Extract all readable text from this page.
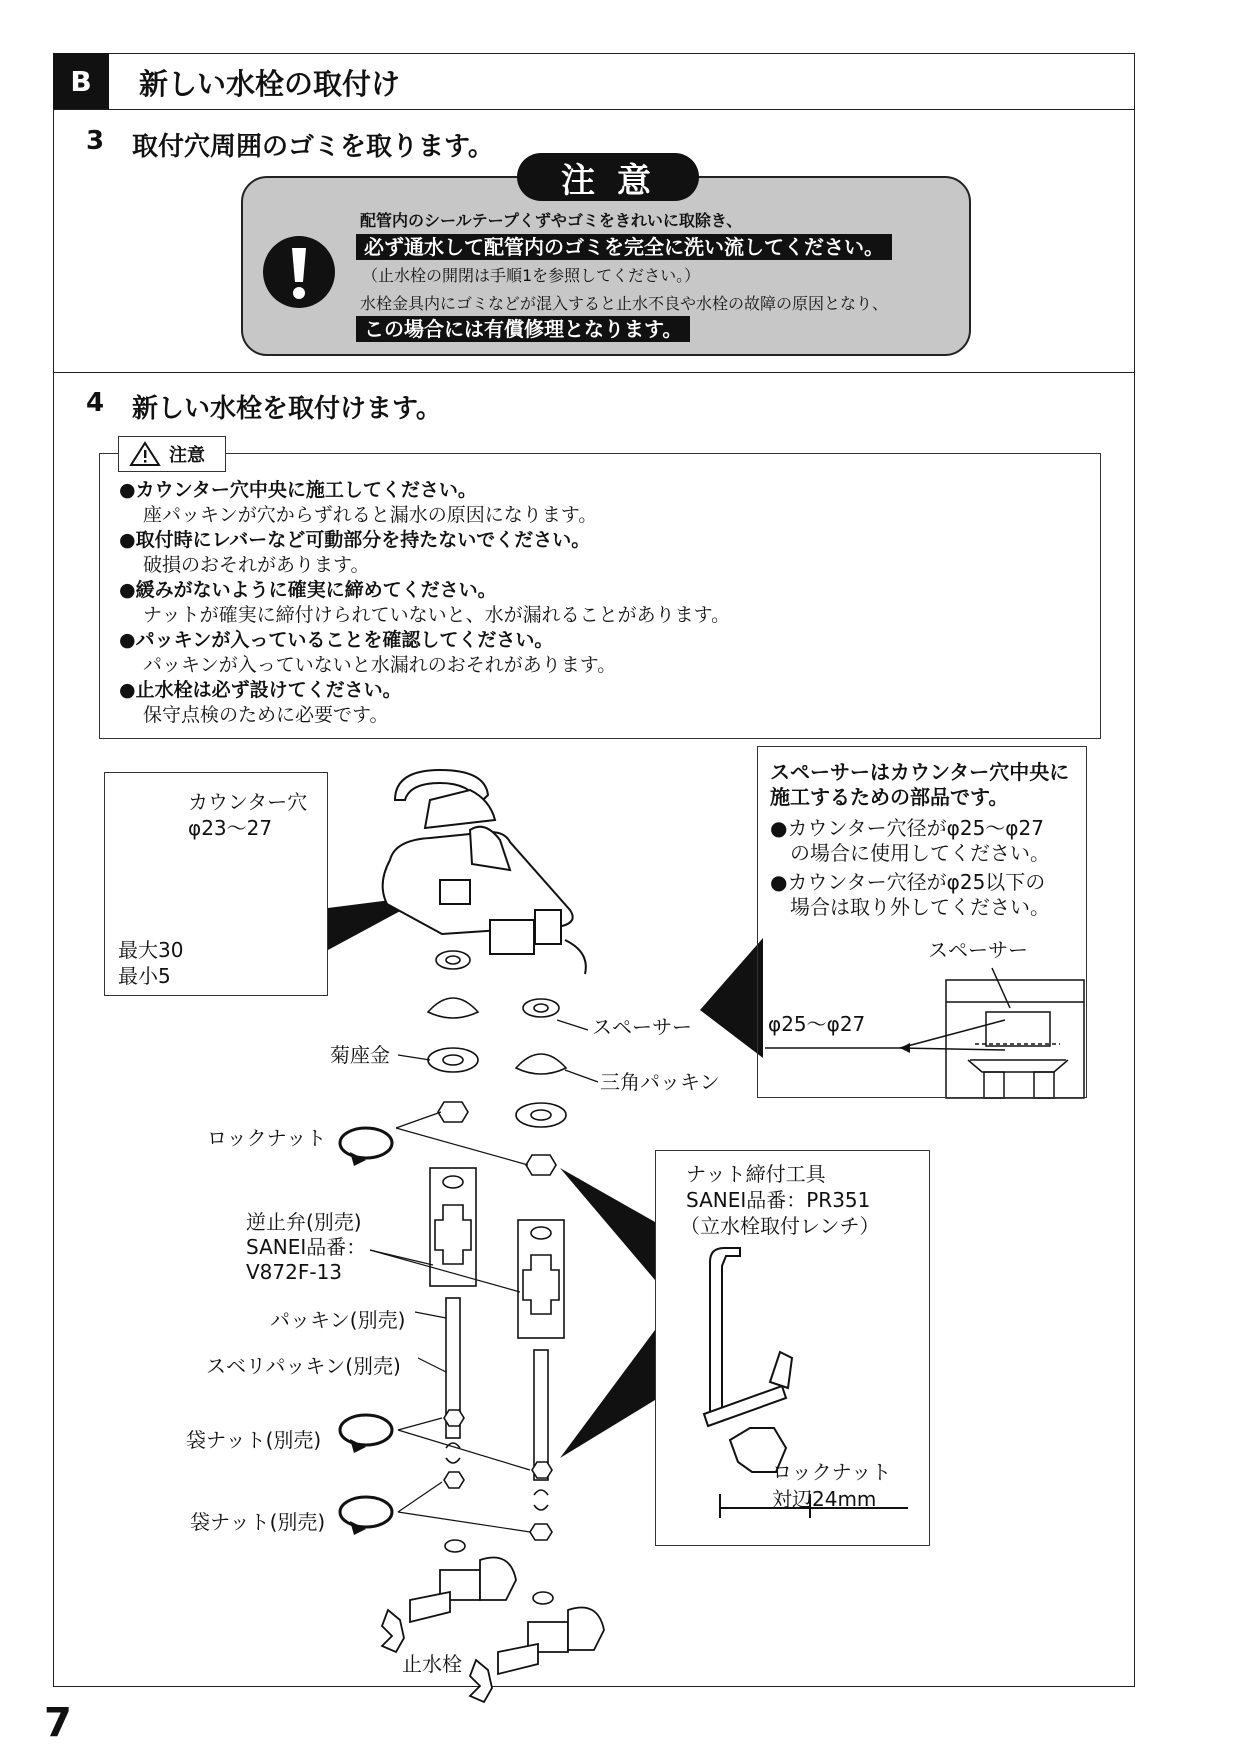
B	新しい水栓の取付け
3 取付穴周囲のゴミを取ります。
注意
配管内のシールテープくずやゴミをきれいに取除き、
必ず通水して配管内のゴミを完全に洗い流してください。
（止水栓の開閉は手順1を参照してください。）
水栓金具内にゴミなどが混入すると止水不良や水栓の故障の原因となり、
この場合には有償修理となります。
4 新しい水栓を取付けます。
注意
●カウンター穴中央に施工してください。
座パッキンが穴からずれると漏水の原因になります。
●取付時にレバーなど可動部分を持たないでください。
破損のおそれがあります。
●緩みがないように確実に締めてください。
ナットが確実に締付けられていないと、水が漏れることがあります。
●パッキンが入っていることを確認してください。
パッキンが入っていないと水漏れのおそれがあります。
●止水栓は必ず設けてください。
保守点検のために必要です。
カウンター穴
φ23～27
最大30
最小5
スペーサーはカウンター穴中央に
施工するための部品です。
●カウンター穴径がφ25～φ27
の場合に使用してください。
●カウンター穴径がφ25以下の
場合は取り外してください。
スペーサー
φ25～φ27
スペーサー
菊座金
三角パッキン
ロックナット
逆止弁(別売)
SANEI品番：
V872F-13
パッキン(別売)
スベリパッキン(別売)
袋ナット(別売)
袋ナット(別売)
止水栓
ナット締付工具
SANEI品番：PR351
（立水栓取付レンチ）
ロックナット
対辺24mm
7
